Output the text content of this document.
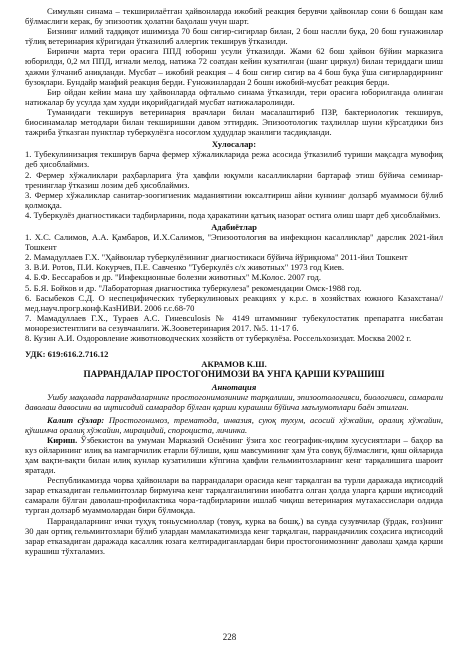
Симульян синама – текширилаётган ҳайвонларда ижобий реакция берувчи ҳайвонлар сони 6 бошдан кам бўлмаслиги керак, бу эпизоотик ҳолатни баҳолаш учун шарт.

Бизнинг илмий тадқиқот ишимизда 70 бош сигир-сигирлар билан, 2 бош наслли буқа, 20 бош ғунажинлар тўлиқ ветеринария кўригидан ўтказилиб аллергик текширув ўтказилди.

Биринчи марта тери орасига ППД юбориш усули ўтказилди. Жами 62 бош ҳайвон бўйин марказига юборилди, 0,2 мл ППД, игнали мелод, натижа 72 соатдан кейин кузатилган (шанг циркул) билан териддаги шиш ҳажми ўлчаниб аниқланди. Мусбат – ижобий реакция – 4 бош сигир сигир ва 4 бош буқа ўша сигирлардирнинг бузоқлари. Бундайр манфий реакция берди. Ғуножинлардан 2 бошн ижобий-мусбат реакция берди.

Бир ойдан кейин мана шу ҳайвонларда офтальмо синама ўтказилди, тери орасига юборилганда олинган натижалар бу усулда ҳам худди иқорийдагидай мусбат натижаларолинди.

Туманидаги текширув ветеринария врачлари билан масалаштириб ПЗР, бактериологик текширув, биосинамалар методлари билан текширишни давом эттирдик. Эпизоотологик таҳлиллар шуни кўрсатдики биз тажриба ўтказган пунктлар туберкулёзга носоғлом ҳудудлар эканлиги тасдиқланди.

Хулосалар:

1. Тубекулинизация текширув барча фермер хўжаликларида режа асосида ўтказилиб туриши мақсадга мувофиқ деб ҳисоблаймиз.

2. Фермер хўжаликлари раҳбарларига ўта ҳавфли юқумли касалликларни бартараф этиш бўйича семинар-тренинглар ўтказиш лозим деб ҳисоблаймиз.

3. Фермер хўжаликлар санитар-зоогигиеник маданиятини юксалтириш айни куннинг долзарб муаммоси бўлиб қолмоқда.

4. Туберкулёз диагностикаси тадбирларини, пода ҳаракатини қатъиқ назорат остига олиш шарт деб ҳисоблаймиз.

Адабиётлар

1. Х.С. Салимов, А.А. Қамбаров, И.Х.Салимов, "Эпизоотология ва инфекцион касалликлар" дарслик 2021-йил Тошкент

2. Мамадуллаев Г.Х. "Ҳайвонлар туберкулёзининг диагностикаси бўйича йўриқнома" 2011-йил Тошкент

3. В.И. Ротов, П.И. Кокурчев, П.Е. Савченко "Туберкулёз с/х животных" 1973 год Киев.

4. Б.Ф. Бессарабов и др. "Инфекционные болезни животных" М.Колос. 2007 год.

5. Б.Я. Бойков и др. "Лабораторная диагностика туберкулеза" рекомендации Омск-1988 год.

6. Басыбеков С.Д. О неспецифических туберкулиновых реакциях у к.р.с. в хозяйствах южного Казахстана//мед.науч.прогр.конф.КазНИВИ. 2006 г.с.68-70

7. Мамадуллаев Г.Х., Тураев А.С. Гиневсulosis № 4149 штаммнинг тубекулостатик препаратга нисбатан монорезистентлиги ва сезувчанлиги. Ж.Зооветеринария 2017. №5. 11-17 б.

8. Кузин А.И. Оздоровление животноводческих хозяйств от туберкулёза. Россельхозиздат. Москва 2002 г.

УДК: 619:616.2.716.12

АКРАМОВ К.Ш.

ПАРРАНДАЛАР ПРОСТОГОНИМОЗИ ВА УНГА ҚАРШИ КУРАШИШ

Аннотация

Ушбу мақолада паррандаларнинг простогонимозининг тарқалиши, эпизоотологияси, биологияси, самарали даволаш давосини ва ицтисодий самарадор бўлган қарши курашиш бўйича маълумотлари баён этилган.

Калит сўзлар: Простогонимоз, трематода, инвазия, суюқ тухум, асосий хўжайин, оралиқ хўжайин, қўшимча оралиқ хўжайин, мирацидий, спороциста, личинка.

Кириш. Ўзбекистон ва умуман Марказий Осиёнинг ўзига хос географик-иқлим хусусиятлари – баҳор ва куз ойларининг илиқ ва намгарчилик етарли бўлиши, қиш мавсумининг ҳам ўта совуқ бўлмаслиги, қиш ойларида ҳам вақти-вақти билан илиқ кунлар кузатилиши кўпгина ҳавфли гельминтозларнинг кенг тарқалишига шароит яратади.

Республикамизда чорва ҳайвонлари ва паррандалари орасида кенг тарқалган ва турли даражада иқтисодий зарар етказадиган гельминтозлар бирмунча кенг тарқалганлигини инобатга олган ҳолда уларга қарши иқтисодий самарали бўлган даволаш-профилактика чора-тадбирларини ишлаб чиқиш ветеринария мутахассислари олдида турган долзарб муаммолардан бири бўлмоқда.

Паррандаларнинг ички туҳуқ тоньусмиоллар (товуқ, курка ва бошқ.) ва сувда сузувчилар (ўрдак, ғоз)нинг 30 дан ортиқ гельминтозлари бўлиб улардан мамлакатимизда кенг тарқалган, паррандачилик соҳасига иқтисодий зарар етказадиган даражада касаллик юзага келтирадиганлардан бири простогонимознинг даволаш ҳамда қарши курашиш тўхталамиз.

228
